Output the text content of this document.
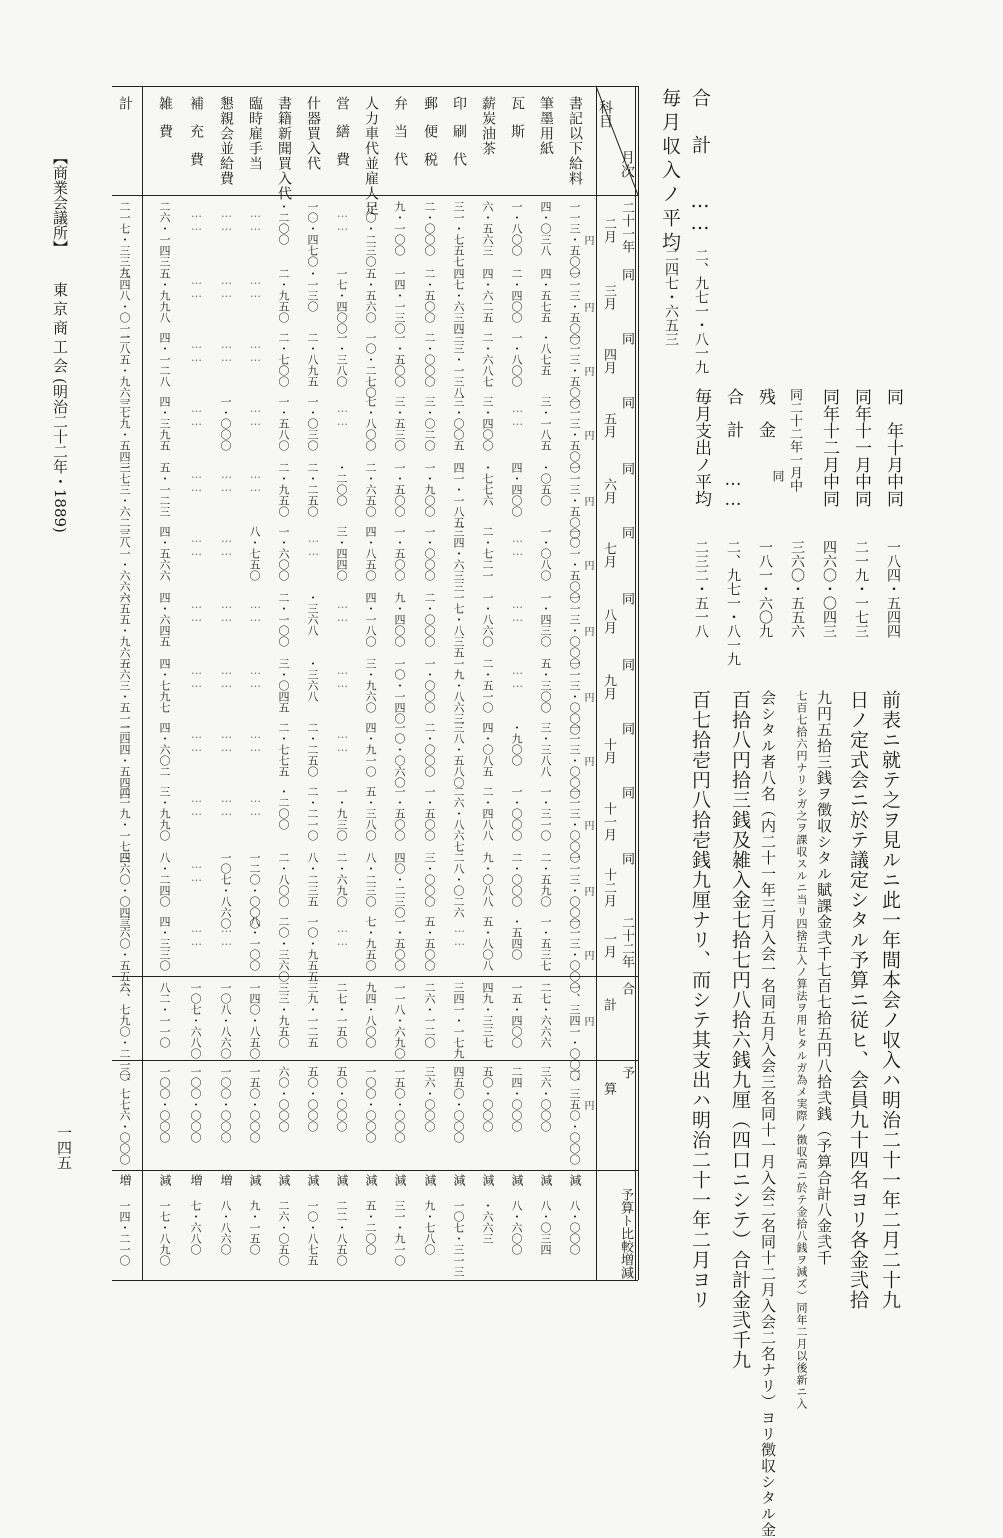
前表ニ就テ之ヲ見ルニ此一年間本会ノ収入ハ明治二十一年二月二十九
日ノ定式会ニ於テ議定シタル予算ニ従ヒ、会員九十四名ヨリ各金弐拾
九円五拾三銭ヲ徴収シタル賦課金弐千七百七拾五円八拾弐銭（予算合計八金弐千
七百七拾六円ナリシガ之ヲ課収スルニ当リ四捨五入ノ算法ヲ用ヒタルガ為メ実際ノ徴収高ニ於テ金拾八銭ヲ減ズ）同年二月以後新ニ入
会シタル者八名（内二十一年三月入会一名同五月入会三名同十一月入会二名同十二月入会二名ナリ）ヨリ徴収シタル金
百拾八円拾三銭及雑入金七拾七円八拾六銭九厘（四口ニシテ）合計金弐千九
百七拾壱円八拾壱銭九厘ナリ、而シテ其支出ハ明治二十一年二月ヨリ
同　年十月中同
一八四・五四四
同年十一月中同
二一九・一七三
同年十二月中同
四六〇・〇四三
同二十二年一月中
同
三六〇・五五六
残金
一八一・六〇九
合計
……
二、九七一・八一九
毎月支出ノ平均
二三二・五一八
合計
……
二、九七一・八一九
毎月収入ノ平均
二四七・六五三
月次
科目
二十一年
二月
同
三月
同
四月
同
五月
同
六月
同
七月
同
八月
同
九月
同
十月
同
十一月
同
十二月
二十二年
一月
合
計
予
算
予算ト比較増減
円
円
円
円
円
円
円
円
円
円
円
円
円
円
書記以下給料
一一三・五〇〇
一一三・五〇〇
一一三・五〇〇
一一三・五〇〇
一一三・五〇〇
一〇一・五〇〇
一一三・〇〇〇
一一三・〇〇〇
一一三・〇〇〇
一一三・〇〇〇
一一三・〇〇〇
一一三・〇〇〇
一、三四一・〇〇〇
一、三五〇・〇〇〇
減
八・〇〇〇
筆墨用紙
四・〇三八
四・五七五
・八七五
三・一八五
・〇五〇
一・〇八〇
一・四三〇
五・三〇〇
三・三八八
一・三一〇
二・五九〇
一・五三七
二七・六六六
三六・〇〇〇
減
八・〇三四
瓦斯
一・八〇〇
二・四〇〇
一・八〇〇
……
四・四〇〇
……
……
……
・九〇〇
一・〇〇〇
二・〇〇〇
・五四〇
一五・四〇〇
二四・〇〇〇
減
八・六〇〇
薪炭油茶
六・五六三
四・六二五
二・六八七
三・四〇〇
・七七六
二・七二一
一・八六〇
二・五一〇
四・〇八五
二・四八八
九・〇八八
五・八〇八
四九・三三七
五〇・〇〇〇
減
・六六三
印刷代
三一・七五七
四七・六三四
三三・一三八
三・〇〇五
四一・一八五
三四・六三三
一七・八三五
一九・八六三
三八・五八〇
二六・八六七
二八・〇二六
……
三四一・一七九
四五〇・〇〇〇
減
一〇七・三一三
郵便税
二・〇〇〇
二・五〇〇
二・〇〇〇
三・〇二〇
一・九〇〇
一・〇〇〇
二・〇〇〇
一・〇〇〇
二・〇〇〇
一・五〇〇
三・〇〇〇
五・五〇〇
二六・一二〇
三六・〇〇〇
減
九・七八〇
弁当代
九・一〇〇
一四・一三〇
一・五〇〇
三・五三〇
一・五〇〇
一・五〇〇
九・四〇〇
一〇・一四〇
一〇・〇六〇
一・五〇〇
四〇・二三〇
一・五〇〇
一一八・六九〇
一五〇・〇〇〇
減
三一・九一〇
人力車代並雇人足
一〇・二三〇
五・五六〇
一〇・二七〇
七・八〇〇
二・六五〇
四・八五〇
四・一八〇
三・九六〇
四・九一〇
五・三八〇
八・二三〇
七・九五〇
九四・八〇〇
一〇〇・〇〇〇
減
五・二〇〇
営繕費
……
一七・四〇〇
一・三八〇
……
・二〇〇
三・四四〇
……
……
……
一・九三〇
二・六九〇
……
二七・一五〇
五〇・〇〇〇
減
二二・八五〇
什器買入代
一〇・四七〇
・一三〇
二・八九五
一・〇三〇
二・二五〇
……
・三六八
・三六八
二・二五〇
二・二一〇
八・二三五
一〇・九五五
三九・一二五
五〇・〇〇〇
減
一〇・八七五
書籍新聞買入代
・二〇〇
二・九五〇
二・七〇〇
一・五八〇
二・九五〇
一・六〇〇
二・一〇〇
三・〇四五
二・七七五
・二〇〇
二・八〇〇
二〇・三六〇
三三・九五〇
六〇・〇〇〇
減
二六・〇五〇
臨時雇手当
……
……
……
……
……
八・七五〇
……
……
……
……
一二〇・〇〇〇
八・一〇〇
一四〇・八五〇
一五〇・〇〇〇
減
九・一五〇
懇親会並給費
……
……
……
一・〇〇〇
……
……
……
……
……
……
一〇七・八六〇
……
一〇八・八六〇
一〇〇・〇〇〇
増
八・八六〇
補充費
……
……
……
……
……
……
……
……
……
……
……
……
一〇七・六八〇
一〇〇・〇〇〇
増
七・六八〇
雑費
二六・一四三
五・九九八
四・一二八
四・三九五
五・一二三
四・五六六
四・六四五
四・七九七
四・六〇二
三・九九〇
八・二四〇
四・三三〇
八二・一一〇
一〇〇・〇〇〇
減
一七・八九〇
計
二一七・三三九
三四八・〇一二
一八五・九六三
一七九・五四三
一七三・六二三
一八一・六六六
一五五・九六五
一六三・五一二
一四四・五四四
二一九・一七三
四六〇・〇四三
三六〇・五五六
二、七九〇・二一〇
二、七七六・〇〇〇
増
一四・二一〇
【商業会議所】
東京商工会
(明治二十二年・1889)
一四五
